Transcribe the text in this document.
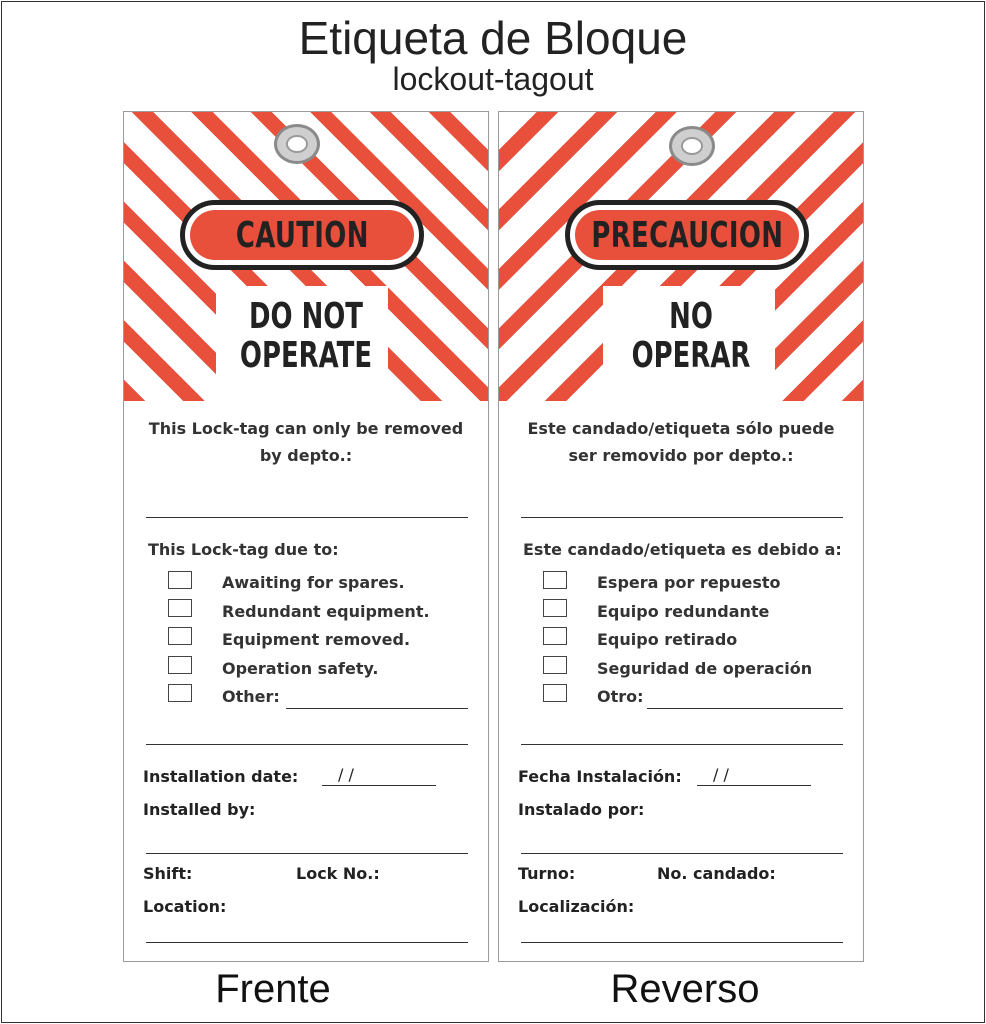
Etiqueta de Bloque
lockout-tagout
CAUTION
DO NOT
OPERATE
This Lock-tag can only be removed
by depto.:
This Lock-tag due to:
Awaiting for spares.
Redundant equipment.
Equipment removed.
Operation safety.
Other:
Installation date: / /
Installed by:
Shift:	Lock No.:
Location:
PRECAUCION
NO
OPERAR
Este candado/etiqueta sólo puede
ser removido por depto.:
Este candado/etiqueta es debido a:
Espera por repuesto
Equipo redundante
Equipo retirado
Seguridad de operación
Otro:
Fecha Instalación: / /
Instalado por:
Turno:	No. candado:
Localización:
Frente	Reverso
